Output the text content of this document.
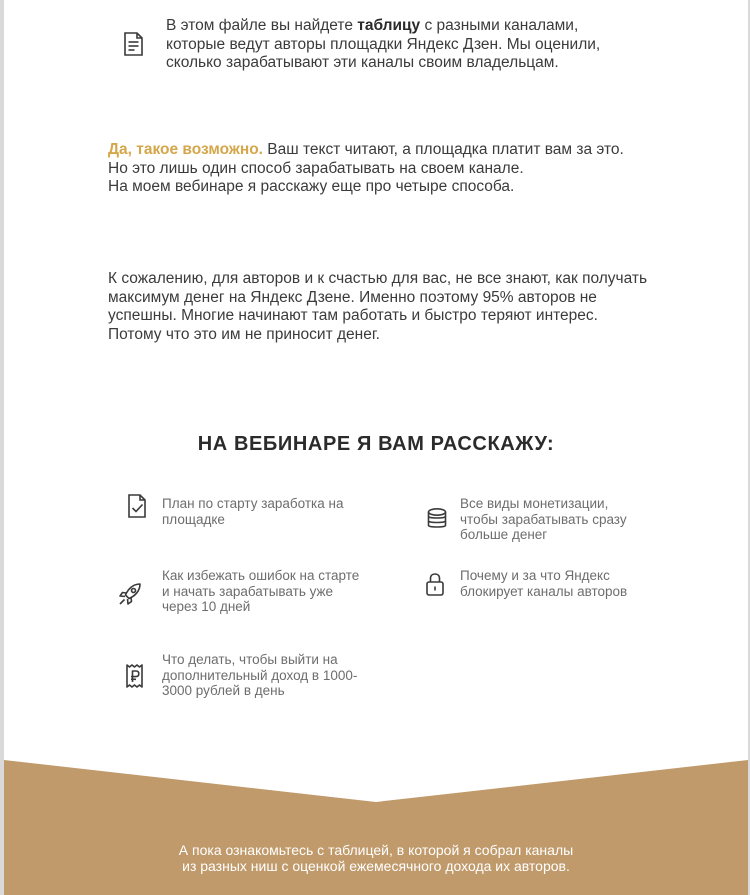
В этом файле вы найдете таблицу с разными каналами, которые ведут авторы площадки Яндекс Дзен. Мы оценили, сколько зарабатывают эти каналы своим владельцам.
Да, такое возможно. Ваш текст читают, а площадка платит вам за это. Но это лишь один способ зарабатывать на своем канале.
На моем вебинаре я расскажу еще про четыре способа.
К сожалению, для авторов и к счастью для вас, не все знают, как получать максимум денег на Яндекс Дзене. Именно поэтому 95% авторов не успешны. Многие начинают там работать и быстро теряют интерес. Потому что это им не приносит денег.
НА ВЕБИНАРЕ Я ВАМ РАССКАЖУ:
План по старту заработка на площадке
Все виды монетизации, чтобы зарабатывать сразу больше денег
Как избежать ошибок на старте и начать зарабатывать уже через 10 дней
Почему и за что Яндекс блокирует каналы авторов
Что делать, чтобы выйти на дополнительный доход в 1000-3000 рублей в день
А пока ознакомьтесь с таблицей, в которой я собрал каналы из разных ниш с оценкой ежемесячного дохода их авторов.
